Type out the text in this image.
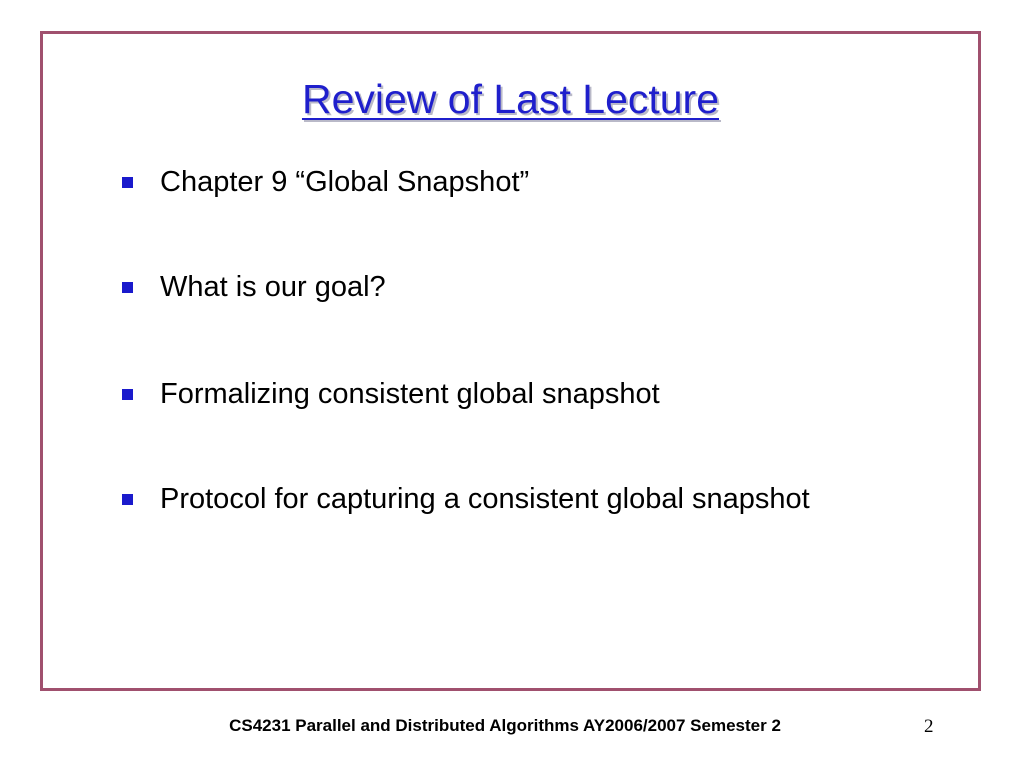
Review of Last Lecture
Chapter 9 “Global Snapshot”
What is our goal?
Formalizing consistent global snapshot
Protocol for capturing a consistent global snapshot
CS4231 Parallel and Distributed Algorithms AY2006/2007 Semester 2	2
